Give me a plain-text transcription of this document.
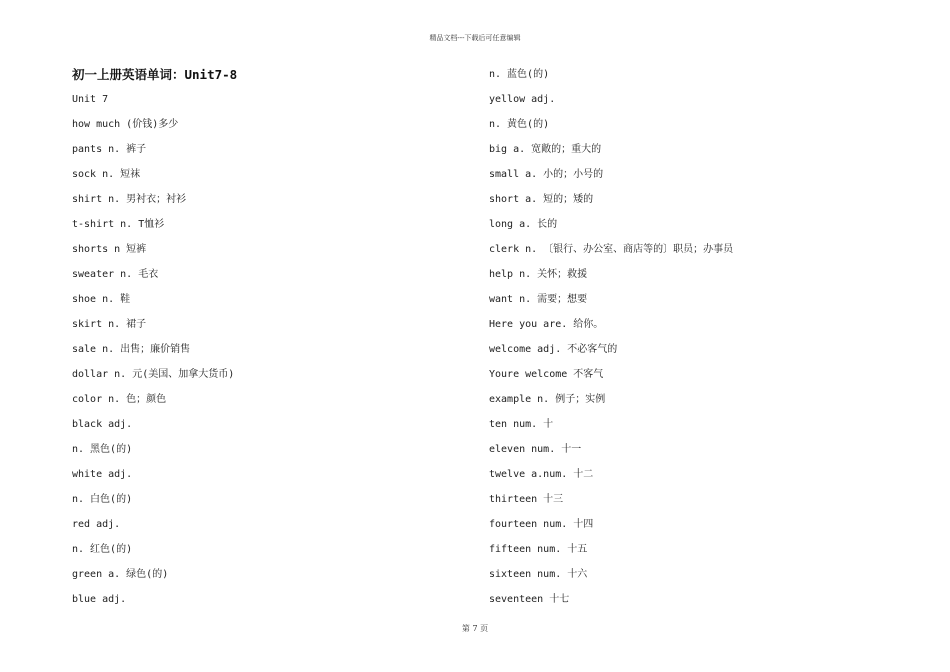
精品文档---下载后可任意编辑
初一上册英语单词：Unit7-8
Unit 7
how much (价钱)多少
pants n. 裤子
sock n. 短袜
shirt n. 男衬衣；衬衫
t-shirt n. T恤衫
shorts n 短裤
sweater n. 毛衣
shoe n. 鞋
skirt n. 裙子
sale n. 出售；廉价销售
dollar n. 元(美国、加拿大货币)
color n. 色；颜色
black adj.
n. 黑色(的)
white adj.
n. 白色(的)
red adj.
n. 红色(的)
green a. 绿色(的)
blue adj.
n. 蓝色(的)
yellow adj.
n. 黄色(的)
big a. 宽敞的；重大的
small a. 小的；小号的
short a. 短的；矮的
long a. 长的
clerk n. 〔银行、办公室、商店等的〕职员；办事员
help n. 关怀；救援
want n. 需要；想要
Here you are. 给你。
welcome adj. 不必客气的
Youre welcome 不客气
example n. 例子；实例
ten num. 十
eleven num. 十一
twelve a.num. 十二
thirteen 十三
fourteen num. 十四
fifteen num. 十五
sixteen num. 十六
seventeen 十七
第 7 页
